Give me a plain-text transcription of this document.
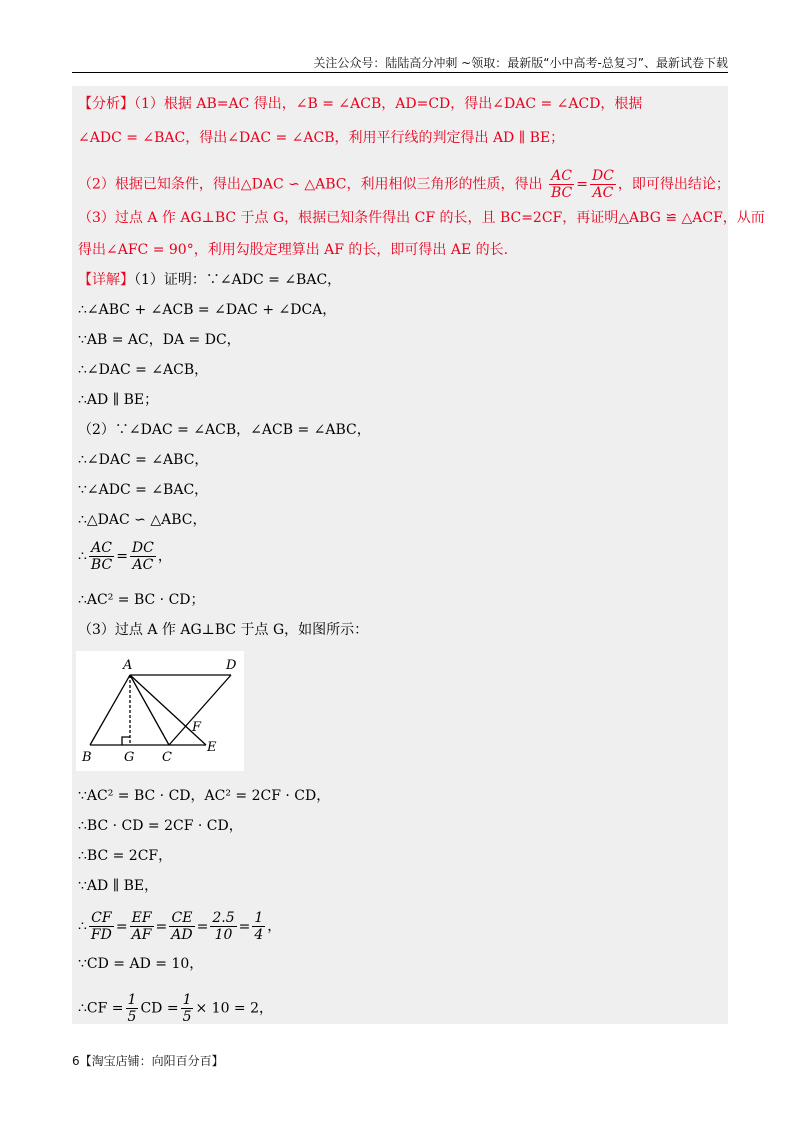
关注公众号：陆陆高分冲刺 ~领取：最新版“小中高考-总复习”、最新试卷下载
【分析】（1）根据 AB=AC 得出，∠B = ∠ACB，AD=CD，得出∠DAC = ∠ACD，根据
∠ADC = ∠BAC，得出∠DAC = ∠ACB，利用平行线的判定得出 AD ∥ BE；
（2）根据已知条件，得出△DAC ∽ △ABC，利用相似三角形的性质，得出 $\frac{AC}{BC} = \frac{DC}{AC}$ ，即可得出结论；
（3）过点 A 作 AG⊥BC 于点 G，根据已知条件得出 CF 的长，且 BC=2CF，再证明△ABG ≌ △ACF，从而
得出∠AFC = 90°，利用勾股定理算出 AF 的长，即可得出 AE 的长.
【详解】（1）证明：∵∠ADC = ∠BAC，
∴∠ABC + ∠ACB = ∠DAC + ∠DCA，
∵AB = AC，DA = DC，
∴∠DAC = ∠ACB，
∴AD ∥ BE；
（2）∵∠DAC = ∠ACB，∠ACB = ∠ABC，
∴∠DAC = ∠ABC，
∵∠ADC = ∠BAC，
∴△DAC ∽ △ABC，
∴ $\frac{AC}{BC} = \frac{DC}{AC}$ ，
∴AC² = BC · CD；
（3）过点 A 作 AG⊥BC 于点 G，如图所示：
A	D
F
B G C
E
∵AC² = BC · CD，AC² = 2CF · CD，
∴BC · CD = 2CF · CD，
∴BC = 2CF，
∵AD ∥ BE，
∴ $\frac{CF}{FD} = \frac{EF}{AF} = \frac{CE}{AD} = \frac{2.5}{10} = \frac{1}{4}$ ，
∵CD = AD = 10，
∴CF = $\frac{1}{5}$ CD = $\frac{1}{5} \times 10 = 2$，
6【淘宝店铺：向阳百分百】
